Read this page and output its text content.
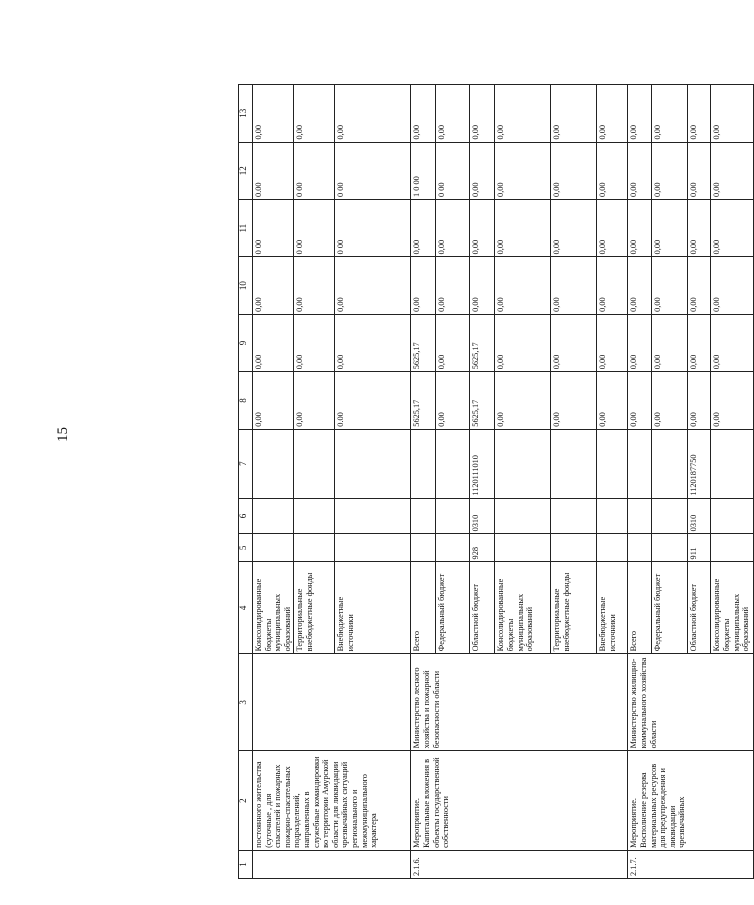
15
1	2	3	4	5	6	7	8	9	10	11	12	13
	постоянного жительства (суточные , для спасателей и пожарных пожарно-спасательных подразделений, направленных в служебные командировки во территории Амурской области для ликвидации чрезвычайных ситуаций регионального и межмуниципального характера		Консолидированные бюджеты муниципальных образований				0,00	0,00	0,00	0 00	0.00	0,00
			Территориальные внебюджетные фонды				0,00	0,00	0,00	0 00	0 00	0,00
			Внебюджетные источники				0.00	0,00	0,00	0 00	0 00	0,00
2.1.6.	Мероприятие. Капитальные вложения в объекты государственной собственности	Министерство лесного хозяйства и пожарной безопасности области	Всего				5625,17	5625,17	0,00	0,00	1 0 00	0,00
			Федеральный бюджет				0,00	0,00	0,00	0,00	0 00	0,00
			Областной бюджет	928	0310	1120111010	5625,17	5625,17	0,00	0,00	0,00	0,00
			Консолидированные бюджеты муниципальных образований				0,00	0,00	0,00	0,00	0,00	0,00
			Территориальные внебюджетные фонды				0,00	0,00	0,00	0,00	0,00	0,00
			Внебюджетные источники				0,00	0,00	0,00	0,00	0,00	0,00
2.1.7.	Мероприятие. Восполнение резерва материальных ресурсов для предупреждения и ликвидации чрезвычайных	Министерство жилищно-коммунального хозяйства области	Всего				0,00	0,00	0,00	0,00	0,00	0,00
			Федеральный бюджет				0,00	0,00	0,00	0,00	0,00	0,00
			Областной бюджет	911	0310	1120187750	0,00	0,00	0,00	0,00	0,00	0,00
			Консолидированные бюджеты муниципальных образований				0,00	0,00	0,00	0,00	0,00	0,00
